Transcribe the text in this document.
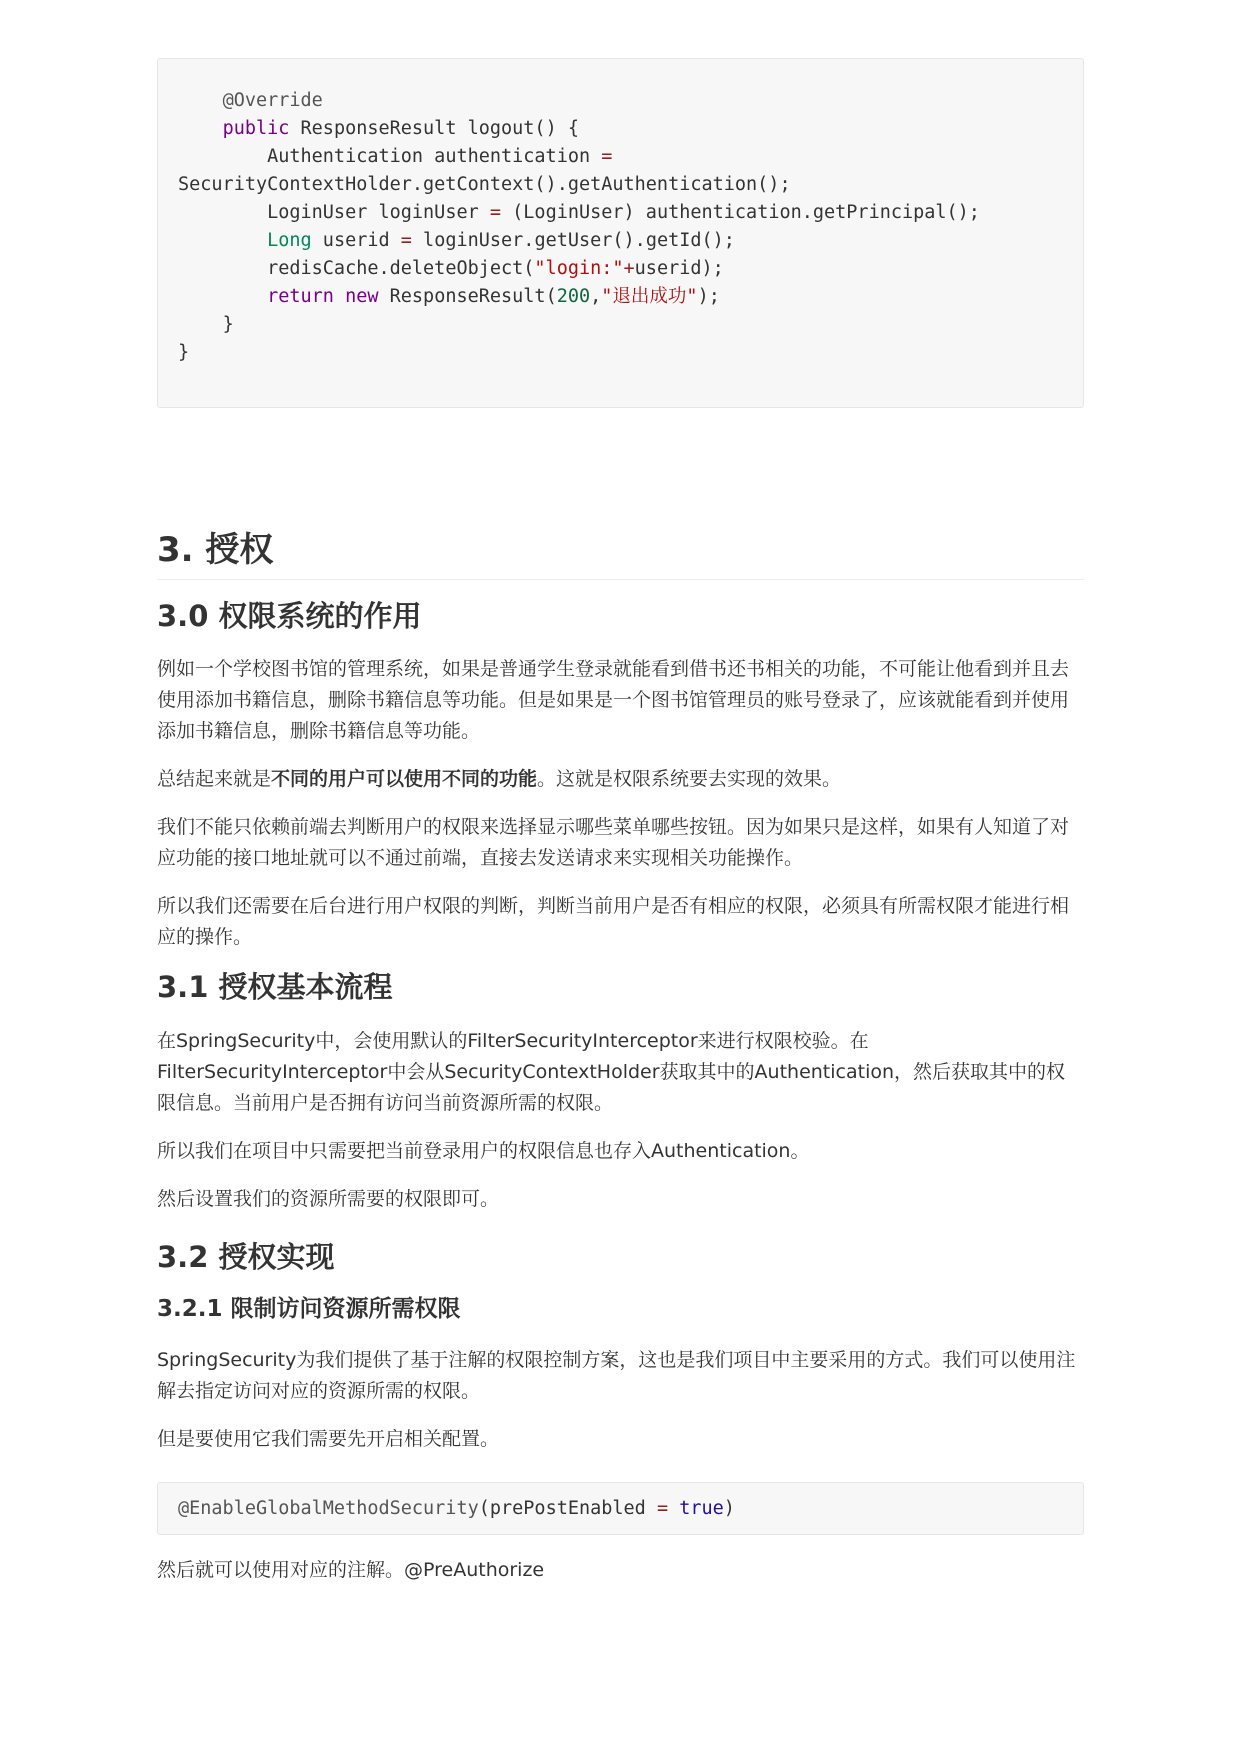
@Override
public ResponseResult logout() {
Authentication authentication =
SecurityContextHolder.getContext().getAuthentication();
LoginUser loginUser = (LoginUser) authentication.getPrincipal();
Long userid = loginUser.getUser().getId();
redisCache.deleteObject("login:"+userid);
return new ResponseResult(200,"退出成功");
}
}
3. 授权
3.0 权限系统的作用

例如一个学校图书馆的管理系统，如果是普通学生登录就能看到借书还书相关的功能，不可能让他看到并且去使用添加书籍信息，删除书籍信息等功能。但是如果是一个图书馆管理员的账号登录了，应该就能看到并使用添加书籍信息，删除书籍信息等功能。

总结起来就是不同的用户可以使用不同的功能。这就是权限系统要去实现的效果。

我们不能只依赖前端去判断用户的权限来选择显示哪些菜单哪些按钮。因为如果只是这样，如果有人知道了对应功能的接口地址就可以不通过前端，直接去发送请求来实现相关功能操作。

所以我们还需要在后台进行用户权限的判断，判断当前用户是否有相应的权限，必须具有所需权限才能进行相应的操作。

3.1 授权基本流程

在SpringSecurity中，会使用默认的FilterSecurityInterceptor来进行权限校验。在FilterSecurityInterceptor中会从SecurityContextHolder获取其中的Authentication，然后获取其中的权限信息。当前用户是否拥有访问当前资源所需的权限。

所以我们在项目中只需要把当前登录用户的权限信息也存入Authentication。

然后设置我们的资源所需要的权限即可。

3.2 授权实现
3.2.1 限制访问资源所需权限

SpringSecurity为我们提供了基于注解的权限控制方案，这也是我们项目中主要采用的方式。我们可以使用注解去指定访问对应的资源所需的权限。

但是要使用它我们需要先开启相关配置。

@EnableGlobalMethodSecurity(prePostEnabled = true)

然后就可以使用对应的注解。@PreAuthorize
